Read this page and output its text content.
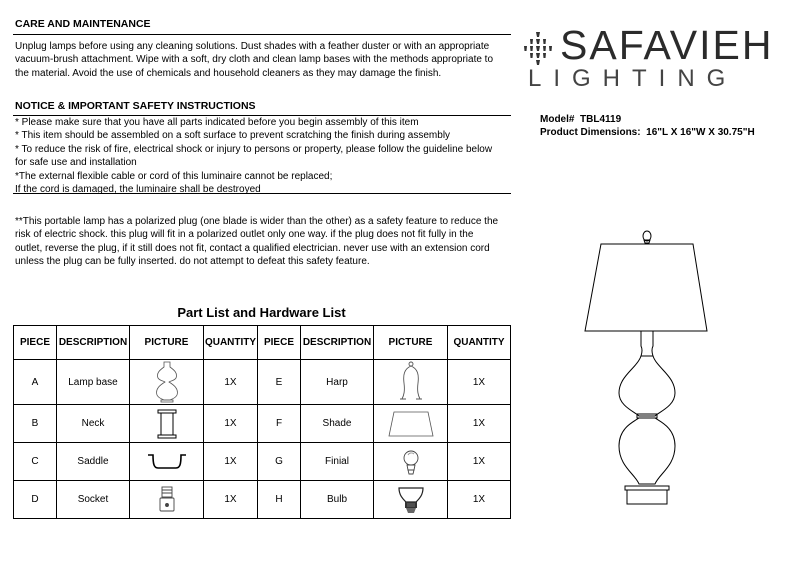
CARE AND MAINTENANCE
Unplug lamps before using any cleaning solutions. Dust shades with a feather duster or with an appropriate
vacuum-brush attachment. Wipe with a soft, dry cloth and clean lamp bases with the methods appropriate to
the material. Avoid the use of chemicals and household cleaners as they may damage the finish.
NOTICE & IMPORTANT SAFETY INSTRUCTIONS
* Please make sure that you have all parts indicated before you begin assembly of this item
* This item should be assembled on a soft surface to prevent scratching the finish during assembly
* To reduce the risk of fire, electrical shock or injury to persons or property, please follow the guideline below
for safe use and installation
*The external flexible cable or cord of this luminaire cannot be replaced;
If the cord is damaged, the luminaire shall be destroyed
**This portable lamp has a polarized plug (one blade is wider than the other) as a safety feature to reduce the
risk of electric shock. this plug will fit in a polarized outlet only one way. if the plug does not fit fully in the
outlet, reverse the plug, if it still does not fit, contact a qualified electrician. never use with an extension cord
unless the plug can be fully inserted. do not attempt to defeat this safety feature.
SAFAVIEH
LIGHTING
Model# TBL4119
Product Dimensions: 16"L X 16"W X 30.75"H
Part List and Hardware List
PIECE	DESCRIPTION	PICTURE	QUANTITY	PIECE	DESCRIPTION	PICTURE	QUANTITY
A	Lamp base		1X	E	Harp		1X
B	Neck		1X	F	Shade		1X
C	Saddle		1X	G	Finial		1X
D	Socket		1X	H	Bulb		1X
